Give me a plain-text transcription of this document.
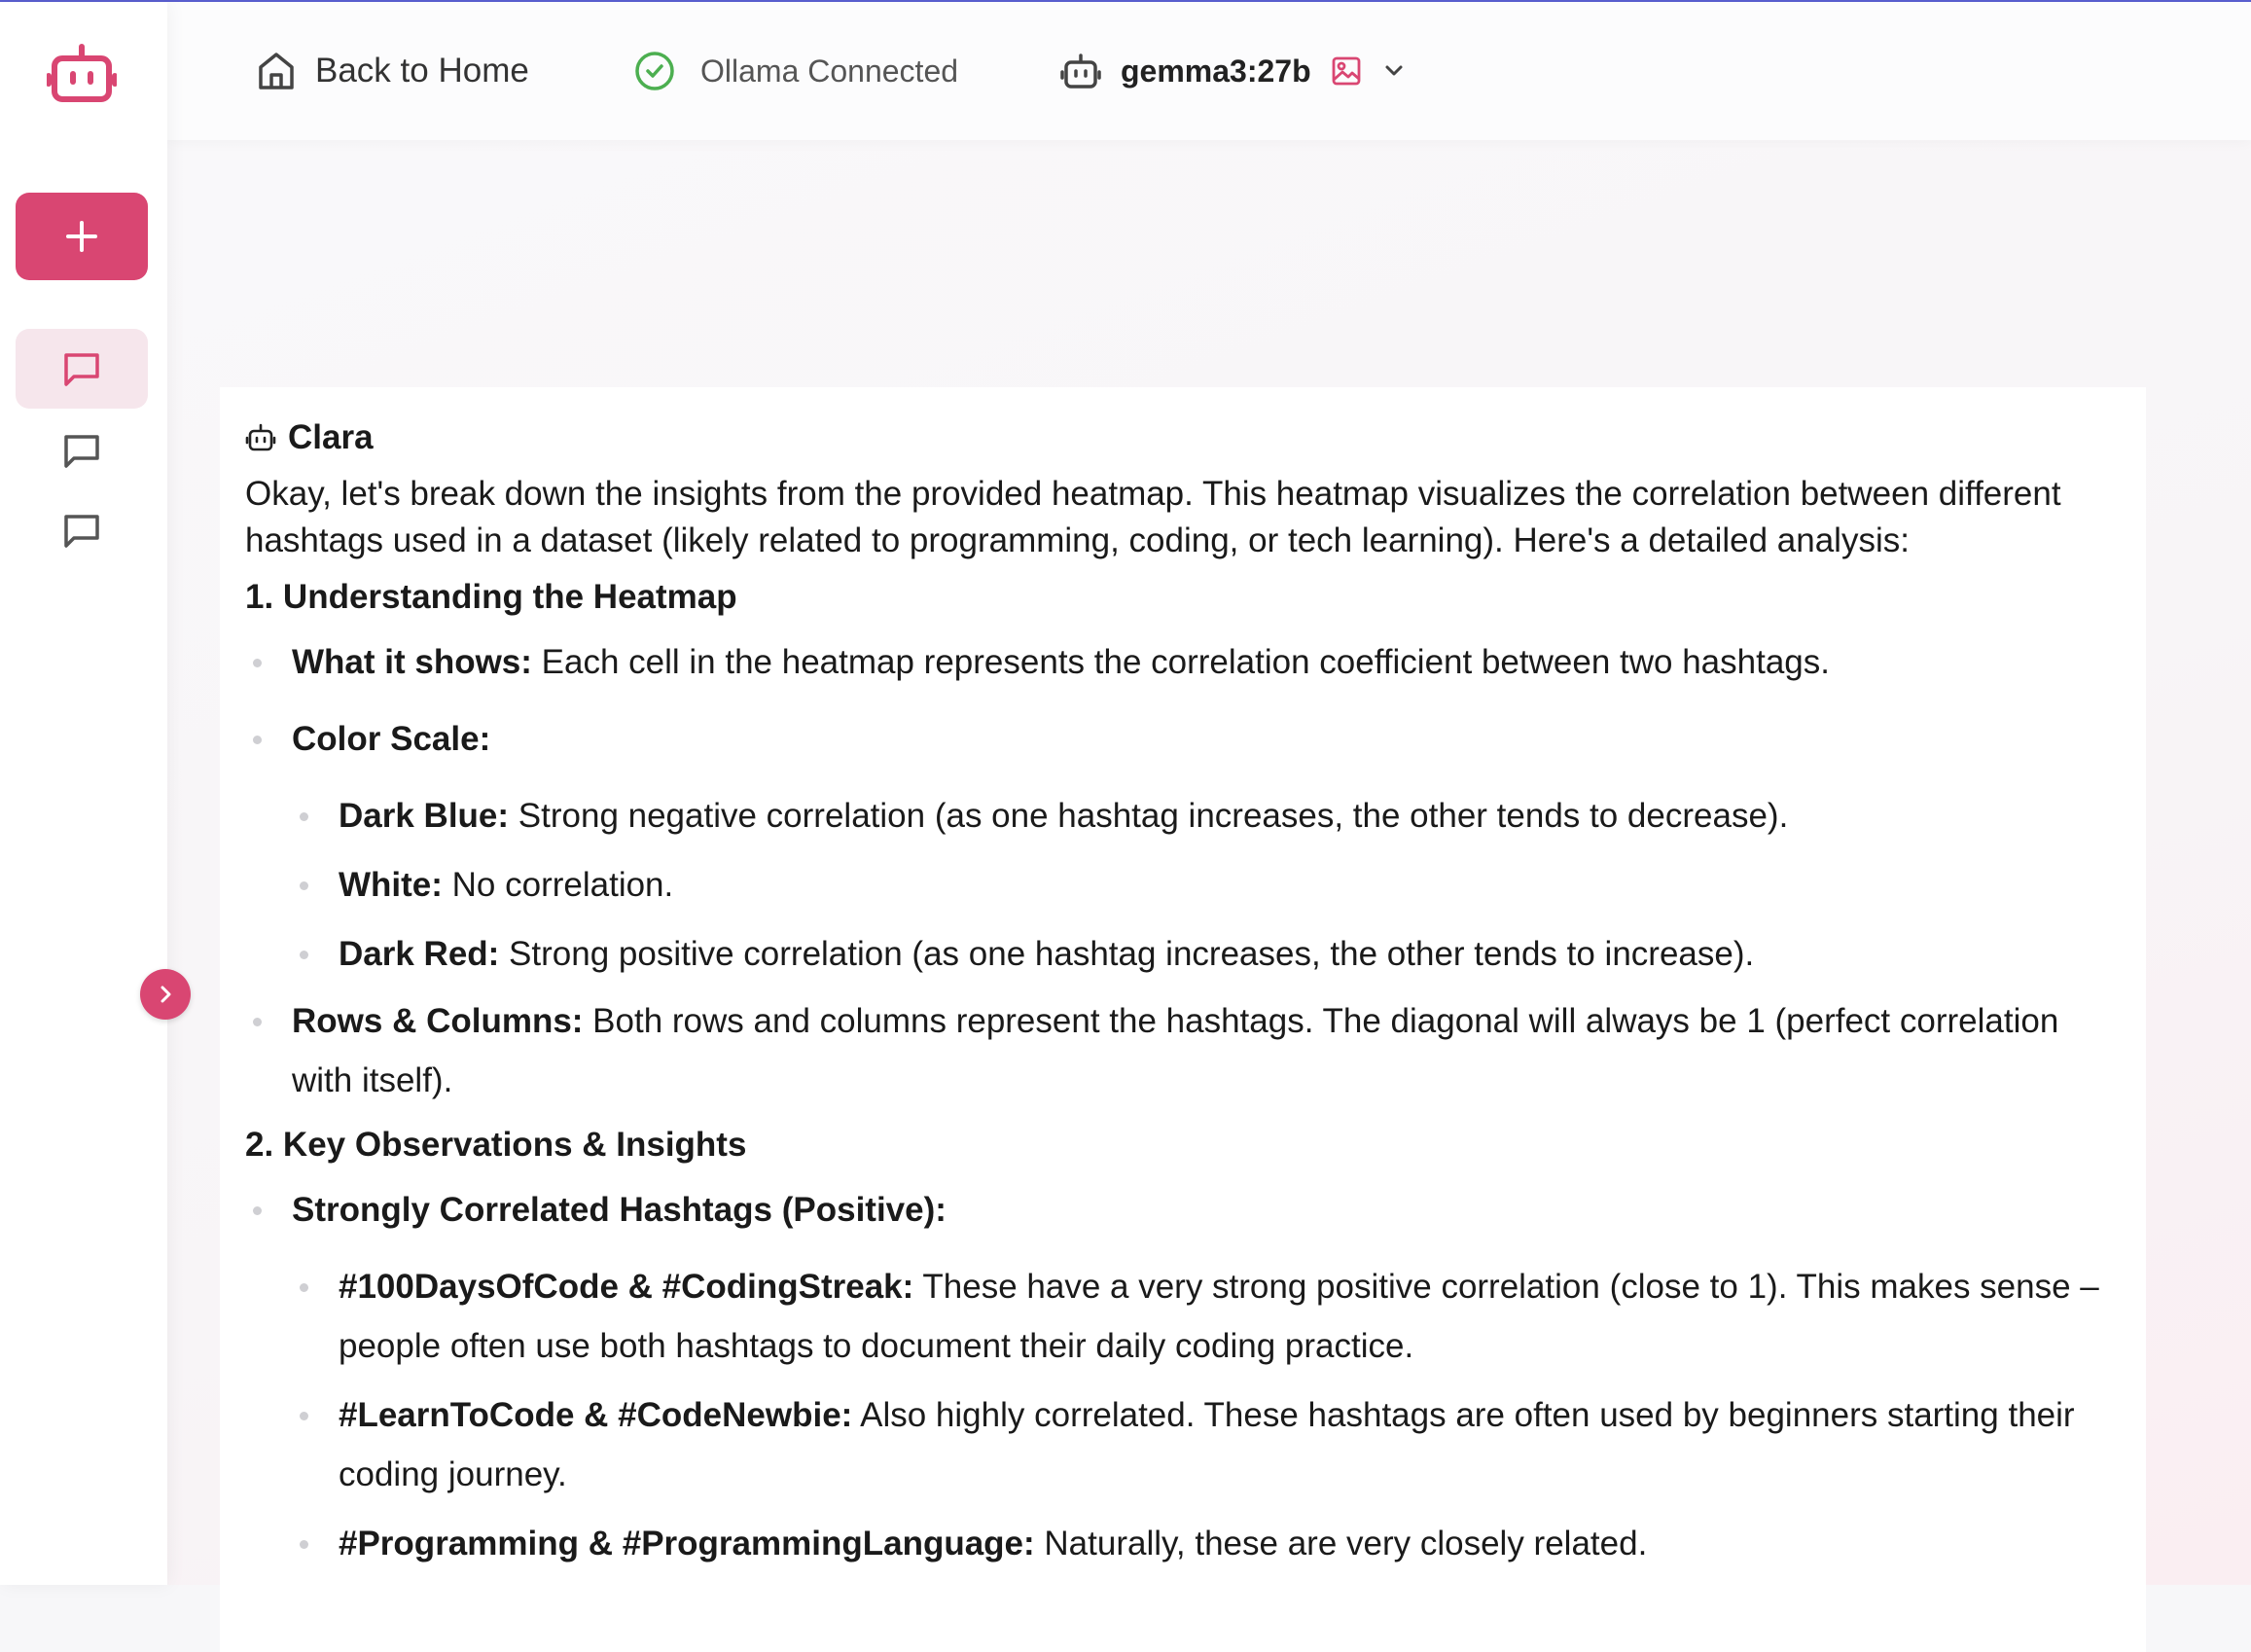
Back to Home	Ollama Connected	gemma3:27b
Clara

Okay, let's break down the insights from the provided heatmap. This heatmap visualizes the correlation between different hashtags used in a dataset (likely related to programming, coding, or tech learning). Here's a detailed analysis:

1. Understanding the Heatmap
What it shows: Each cell in the heatmap represents the correlation coefficient between two hashtags.
Color Scale:
Dark Blue: Strong negative correlation (as one hashtag increases, the other tends to decrease).
White: No correlation.
Dark Red: Strong positive correlation (as one hashtag increases, the other tends to increase).
Rows & Columns: Both rows and columns represent the hashtags. The diagonal will always be 1 (perfect correlation with itself).
2. Key Observations & Insights
Strongly Correlated Hashtags (Positive):
#100DaysOfCode & #CodingStreak: These have a very strong positive correlation (close to 1). This makes sense – people often use both hashtags to document their daily coding practice.
#LearnToCode & #CodeNewbie: Also highly correlated. These hashtags are often used by beginners starting their coding journey.
#Programming & #ProgrammingLanguage: Naturally, these are very closely related.
